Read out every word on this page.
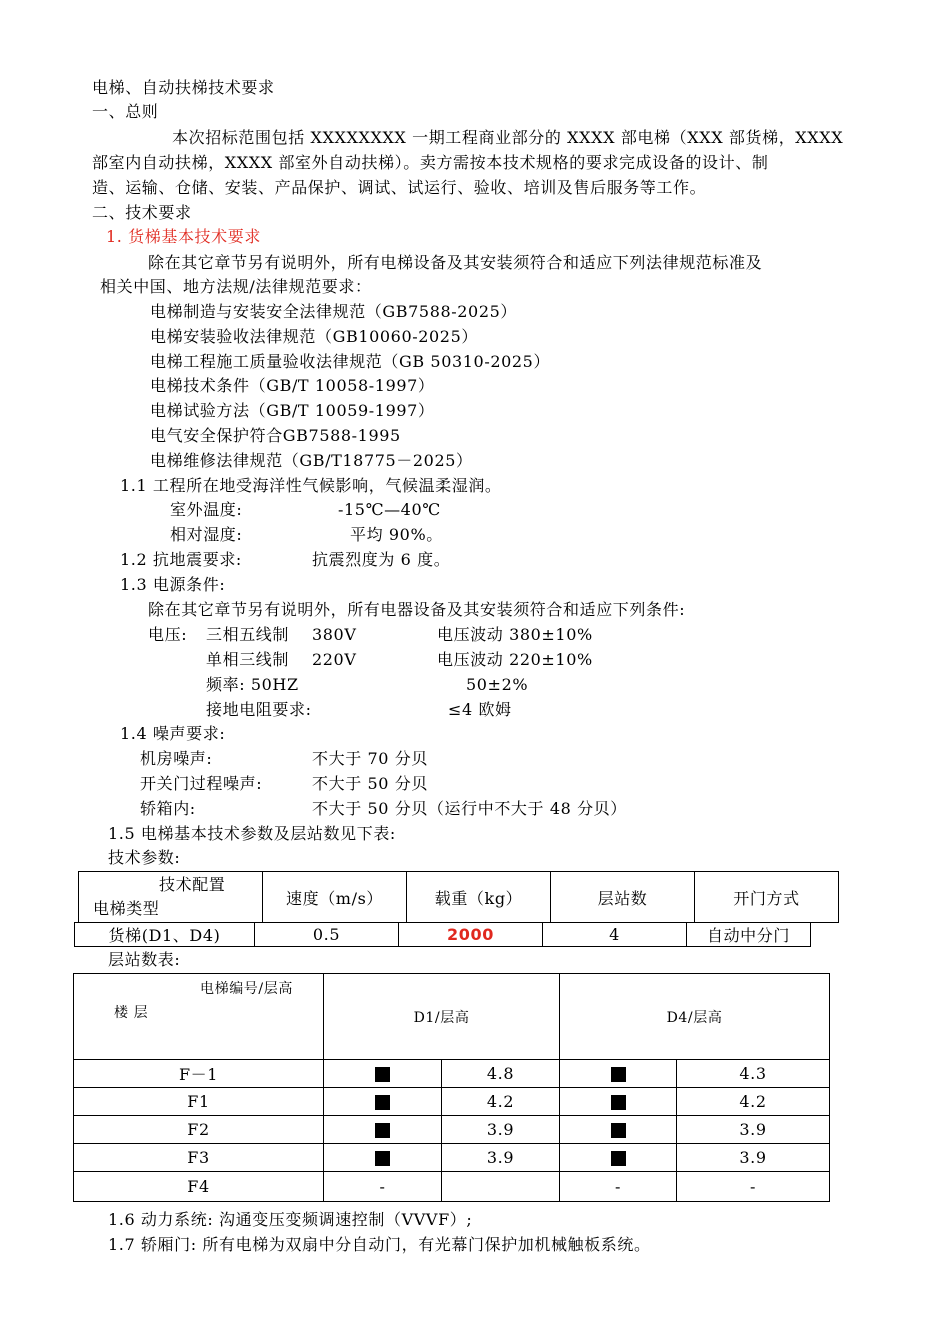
电梯、自动扶梯技术要求
一、总则
本次招标范围包括 XXXXXXXX 一期工程商业部分的 XXXX 部电梯（XXX 部货梯，XXXX
部室内自动扶梯，XXXX 部室外自动扶梯）。卖方需按本技术规格的要求完成设备的设计、制
造、运输、仓储、安装、产品保护、调试、试运行、验收、培训及售后服务等工作。
二、技术要求
1. 货梯基本技术要求
除在其它章节另有说明外，所有电梯设备及其安装须符合和适应下列法律规范标准及
相关中国、地方法规/法律规范要求：
电梯制造与安装安全法律规范（GB7588-2025）
电梯安装验收法律规范（GB10060-2025）
电梯工程施工质量验收法律规范（GB 50310-2025）
电梯技术条件（GB/T 10058-1997）
电梯试验方法（GB/T 10059-1997）
电气安全保护符合GB7588-1995
电梯维修法律规范（GB/T18775－2025）
1.1 工程所在地受海洋性气候影响，气候温柔湿润。
室外温度:	-15℃—40℃
相对湿度:	平均 90%。
1.2 抗地震要求:	抗震烈度为 6 度。
1.3 电源条件:
除在其它章节另有说明外，所有电器设备及其安装须符合和适应下列条件:
电压: 三相五线制 380V	电压波动 380±10%
单相三线制 220V	电压波动 220±10%
频率: 50HZ	50±2%
接地电阻要求:	≤4 欧姆
1.4 噪声要求:
机房噪声:	不大于 70 分贝
开关门过程噪声:	不大于 50 分贝
轿箱内:	不大于 50 分贝（运行中不大于 48 分贝）
1.5 电梯基本技术参数及层站数见下表:
技术参数:
技术配置
电梯类型
	速度（m/s）	载重（kg）	层站数	开门方式
货梯(D1、D4)	0.5	2000	4	自动中分门
层站数表:
电梯编号/层高
楼 层	D1/层高		D4/层高	
F－1		4.8		4.3
F1		4.2		4.2
F2		3.9		3.9
F3		3.9		3.9
F4	-		-	-
1.6 动力系统: 沟通变压变频调速控制（VVVF）;
1.7 轿厢门: 所有电梯为双扇中分自动门，有光幕门保护加机械触板系统。
